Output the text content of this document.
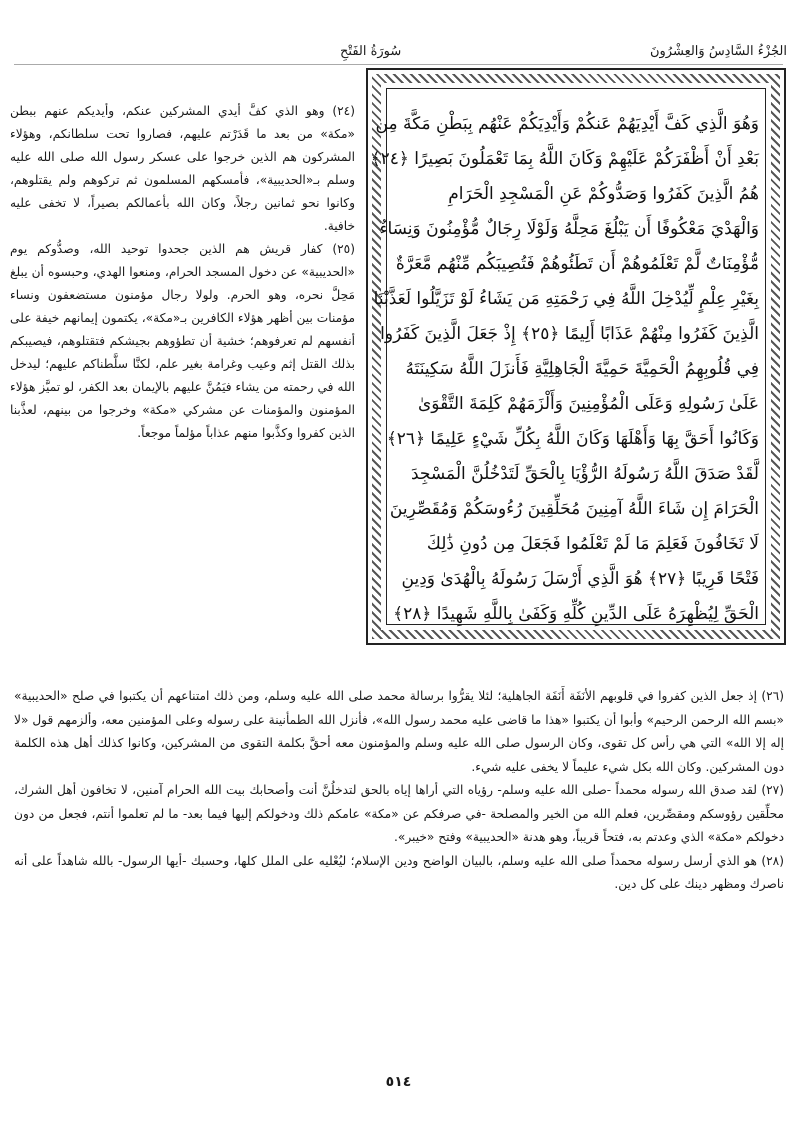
الجُزْءُ السَّادِسُ وَالعِشْرُونَ
سُورَةُ الفَتْحِ
وَهُوَ الَّذِي كَفَّ أَيْدِيَهُمْ عَنكُمْ وَأَيْدِيَكُمْ عَنْهُم بِبَطْنِ مَكَّةَ مِن
بَعْدِ أَنْ أَظْفَرَكُمْ عَلَيْهِمْ وَكَانَ اللَّهُ بِمَا تَعْمَلُونَ بَصِيرًا ﴿٢٤﴾
هُمُ الَّذِينَ كَفَرُوا وَصَدُّوكُمْ عَنِ الْمَسْجِدِ الْحَرَامِ
وَالْهَدْيَ مَعْكُوفًا أَن يَبْلُغَ مَحِلَّهُ وَلَوْلَا رِجَالٌ مُّؤْمِنُونَ وَنِسَاءٌ
مُّؤْمِنَاتٌ لَّمْ تَعْلَمُوهُمْ أَن تَطَئُوهُمْ فَتُصِيبَكُم مِّنْهُم مَّعَرَّةٌ
بِغَيْرِ عِلْمٍ لِّيُدْخِلَ اللَّهُ فِي رَحْمَتِهِ مَن يَشَاءُ لَوْ تَزَيَّلُوا لَعَذَّبْنَا
الَّذِينَ كَفَرُوا مِنْهُمْ عَذَابًا أَلِيمًا ﴿٢٥﴾ إِذْ جَعَلَ الَّذِينَ كَفَرُوا
فِي قُلُوبِهِمُ الْحَمِيَّةَ حَمِيَّةَ الْجَاهِلِيَّةِ فَأَنزَلَ اللَّهُ سَكِينَتَهُ
عَلَىٰ رَسُولِهِ وَعَلَى الْمُؤْمِنِينَ وَأَلْزَمَهُمْ كَلِمَةَ التَّقْوَىٰ
وَكَانُوا أَحَقَّ بِهَا وَأَهْلَهَا وَكَانَ اللَّهُ بِكُلِّ شَيْءٍ عَلِيمًا ﴿٢٦﴾
لَّقَدْ صَدَقَ اللَّهُ رَسُولَهُ الرُّؤْيَا بِالْحَقِّ لَتَدْخُلُنَّ الْمَسْجِدَ
الْحَرَامَ إِن شَاءَ اللَّهُ آمِنِينَ مُحَلِّقِينَ رُءُوسَكُمْ وَمُقَصِّرِينَ
لَا تَخَافُونَ فَعَلِمَ مَا لَمْ تَعْلَمُوا فَجَعَلَ مِن دُونِ ذَٰلِكَ
فَتْحًا قَرِيبًا ﴿٢٧﴾ هُوَ الَّذِي أَرْسَلَ رَسُولَهُ بِالْهُدَىٰ وَدِينِ
الْحَقِّ لِيُظْهِرَهُ عَلَى الدِّينِ كُلِّهِ وَكَفَىٰ بِاللَّهِ شَهِيدًا ﴿٢٨﴾

(٢٤) وهو الذي كفَّ أيدي المشركين عنكم، وأيديكم عنهم ببطن «مكة» من بعد ما قَدَرْتم عليهم، فصاروا تحت سلطانكم، وهؤلاء المشركون هم الذين خرجوا على عسكر رسول الله صلى الله عليه وسلم بـ«الحديبية»، فأمسكهم المسلمون ثم تركوهم ولم يقتلوهم، وكانوا نحو ثمانين رجلاً، وكان الله بأعمالكم بصيراً، لا تخفى عليه خافية.

(٢٥) كفار قريش هم الذين جحدوا توحيد الله، وصدُّوكم يوم «الحديبية» عن دخول المسجد الحرام، ومنعوا الهدي، وحبسوه أن يبلغ مَحِلَّ نحره، وهو الحرم. ولولا رجال مؤمنون مستضعفون ونساء مؤمنات بين أظهر هؤلاء الكافرين بـ«مكة»، يكتمون إيمانهم خيفة على أنفسهم لم تعرفوهم؛ خشية أن تطؤوهم بجيشكم فتقتلوهم، فيصيبكم بذلك القتل إثم وعيب وغرامة بغير علم، لكنَّا سلَّطناكم عليهم؛ ليدخل الله في رحمته من يشاء فيَمُنَّ عليهم بالإيمان بعد الكفر، لو تميَّز هؤلاء المؤمنون والمؤمنات عن مشركي «مكة» وخرجوا من بينهم، لعذَّبنا الذين كفروا وكذَّبوا منهم عذاباً مؤلماً موجعاً.

(٢٦) إذ جعل الذين كفروا في قلوبهم الأنَفَة أَنَفَة الجاهلية؛ لئلا يقرُّوا برسالة محمد صلى الله عليه وسلم، ومن ذلك امتناعهم أن يكتبوا في صلح «الحديبية» «بسم الله الرحمن الرحيم» وأبوا أن يكتبوا «هذا ما قاضى عليه محمد رسول الله»، فأنزل الله الطمأنينة على رسوله وعلى المؤمنين معه، وألزمهم قول «لا إله إلا الله» التي هي رأس كل تقوى، وكان الرسول صلى الله عليه وسلم والمؤمنون معه أحقَّ بكلمة التقوى من المشركين، وكانوا كذلك أهل هذه الكلمة دون المشركين. وكان الله بكل شيء عليماً لا يخفى عليه شيء.

(٢٧) لقد صدق الله رسوله محمداً -صلى الله عليه وسلم- رؤياه التي أراها إياه بالحق لتدخلُنَّ أنت وأصحابك بيت الله الحرام آمنين، لا تخافون أهل الشرك، محلِّقين رؤوسكم ومقصِّرين، فعلم الله من الخير والمصلحة -في صرفكم عن «مكة» عامكم ذلك ودخولكم إليها فيما بعد- ما لم تعلموا أنتم، فجعل من دون دخولكم «مكة» الذي وعدتم به، فتحاً قريباً، وهو هدنة «الحديبية» وفتح «خيبر».

(٢٨) هو الذي أرسل رسوله محمداً صلى الله عليه وسلم، بالبيان الواضح ودين الإسلام؛ ليُعْليه على الملل كلها، وحسبك -أيها الرسول- بالله شاهداً على أنه ناصرك ومظهر دينك على كل دين.

٥١٤
